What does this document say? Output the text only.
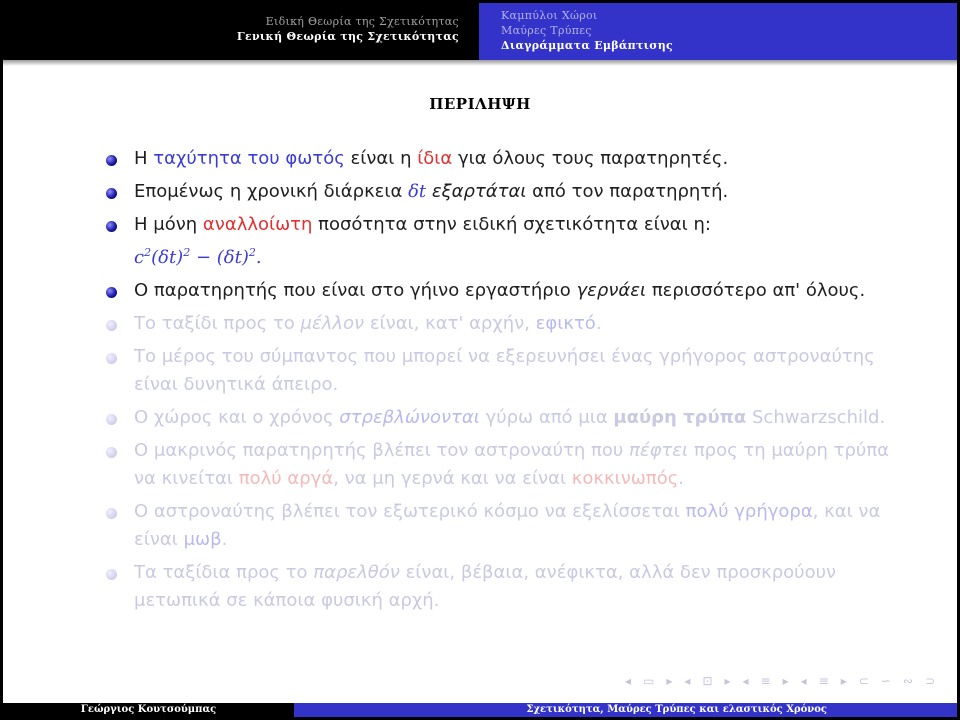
Ειδική Θεωρία της Σχετικότητας
Γενική Θεωρία της Σχετικότητας
Καμπύλοι Χώροι
Μαύρες Τρύπες
Διαγράμματα Εμβάπτισης
ΠΕΡΙΛΗΨΗ
Η ταχύτητα του φωτός είναι η ίδια για όλους τους παρατηρητές.
Επομένως η χρονική διάρκεια δt εξαρτάται από τον παρατηρητή.
Η μόνη αναλλοίωτη ποσότητα στην ειδική σχετικότητα είναι η:
$c^2(\delta t)^2 - (\delta t)^2$.
Ο παρατηρητής που είναι στο γήινο εργαστήριο γερνάει περισσότερο απ' όλους.
Το ταξίδι προς το μέλλον είναι, κατ' αρχήν, εφικτό.
Το μέρος του σύμπαντος που μπορεί να εξερευνήσει ένας γρήγορος αστροναύτης είναι δυνητικά άπειρο.
Ο χώρος και ο χρόνος στρεβλώνονται γύρω από μια μαύρη τρύπα Schwarzschild.
Ο μακρινός παρατηρητής βλέπει τον αστροναύτη που πέφτει προς τη μαύρη τρύπα να κινείται πολύ αργά, να μη γερνά και να είναι κοκκινωπός.
Ο αστροναύτης βλέπει τον εξωτερικό κόσμο να εξελίσσεται πολύ γρήγορα, και να είναι μωβ.
Τα ταξίδια προς το παρελθόν είναι, βέβαια, ανέφικτα, αλλά δεν προσκρούουν μετωπικά σε κάποια φυσική αρχή.
◂ ▭ ▸ ◂ ⊡ ▸ ◂ ≡ ▸ ◂ ≡ ▸ ⊂ ∽ ∾ ⊃
Γεώργιος Κουτσούμπας	Σχετικότητα, Μαύρες Τρύπες και ελαστικός Χρόνος
